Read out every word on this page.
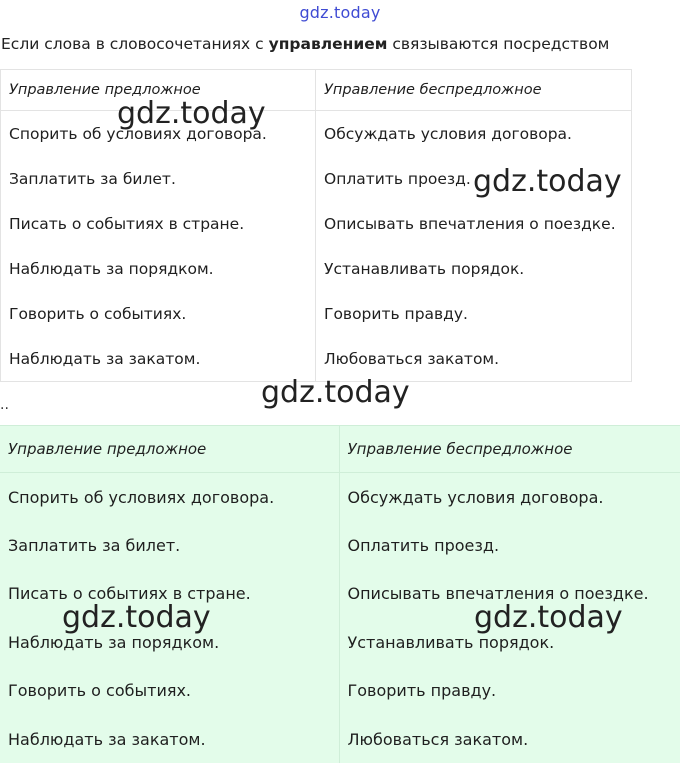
gdz.today
Если слова в словосочетаниях с управлением связываются посредством
Управление предложное	Управление беспредложное
Спорить об условиях договора.	Обсуждать условия договора.
Заплатить за билет.	Оплатить проезд.
Писать о событиях в стране.	Описывать впечатления о поездке.
Наблюдать за порядком.	Устанавливать порядок.
Говорить о событиях.	Говорить правду.
Наблюдать за закатом.	Любоваться закатом.
..
Управление предложное	Управление беспредложное
Спорить об условиях договора.	Обсуждать условия договора.
Заплатить за билет.	Оплатить проезд.
Писать о событиях в стране.	Описывать впечатления о поездке.
Наблюдать за порядком.	Устанавливать порядок.
Говорить о событиях.	Говорить правду.
Наблюдать за закатом.	Любоваться закатом.
gdz.today
gdz.today
gdz.today
gdz.today	gdz.today
